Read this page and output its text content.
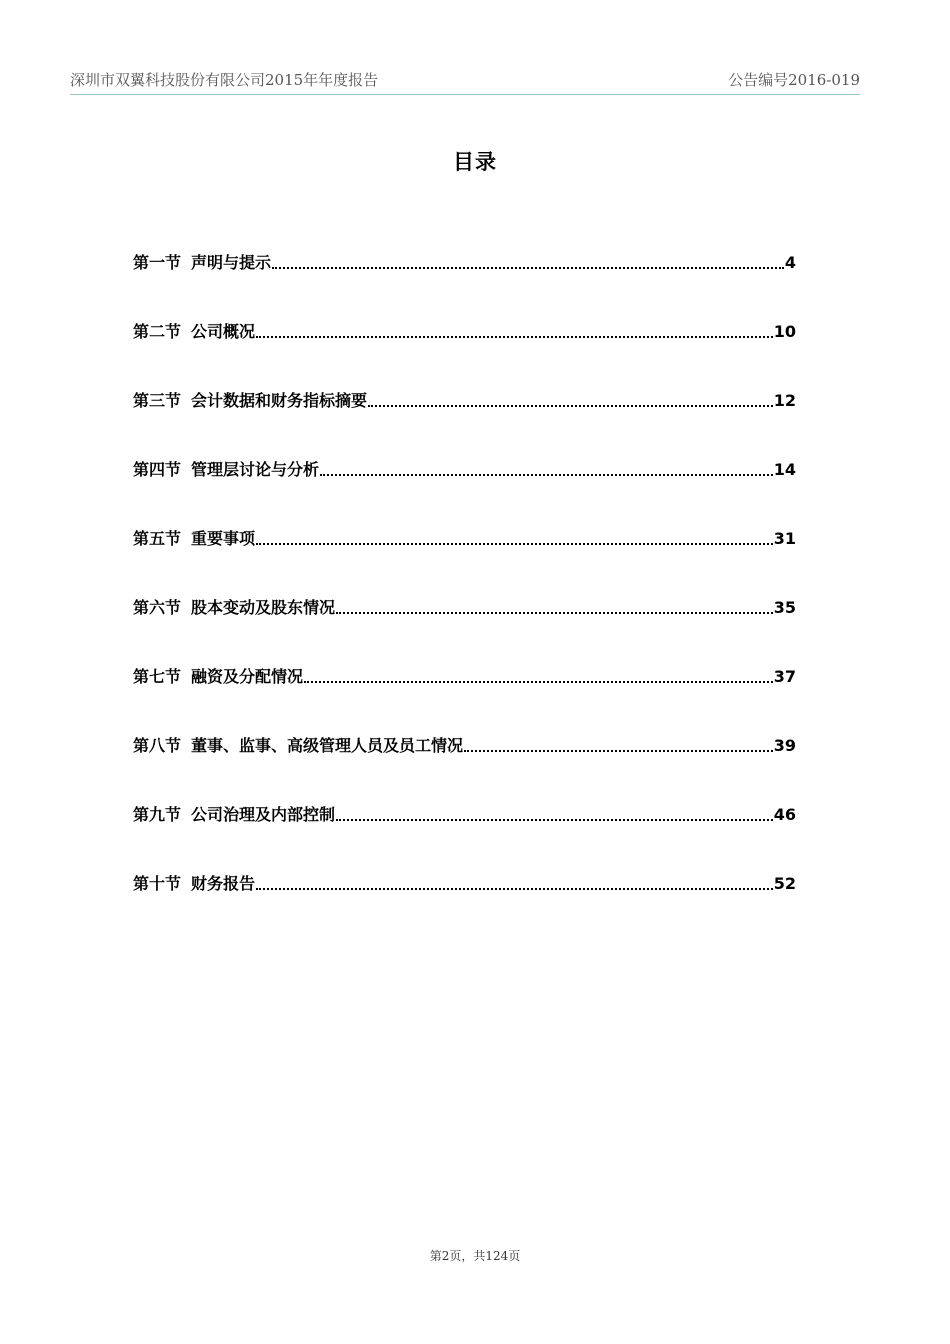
深圳市双翼科技股份有限公司2015年年度报告	公告编号2016-019
目录
第一节 声明与提示	4
第二节 公司概况	10
第三节 会计数据和财务指标摘要	12
第四节 管理层讨论与分析	14
第五节 重要事项	31
第六节 股本变动及股东情况	35
第七节 融资及分配情况	37
第八节 董事、监事、高级管理人员及员工情况	39
第九节 公司治理及内部控制	46
第十节 财务报告	52
第2页，共124页
